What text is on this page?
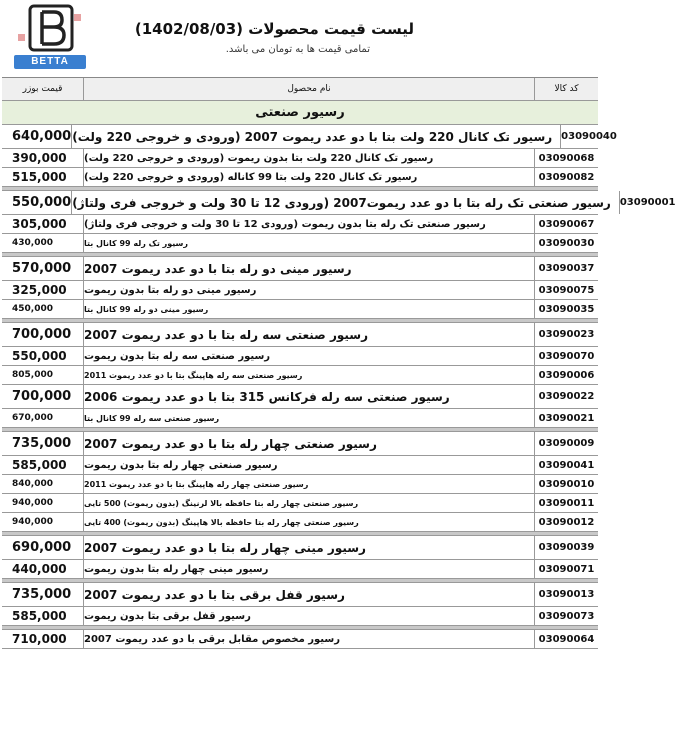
BETTA
لیست قیمت محصولات (1402/08/03)
تمامی قیمت ها به تومان می باشد.
قیمت بوزر	نام محصول	کد کالا
رسیور صنعتی
640,000 رسیور تک کانال 220 ولت بتا با دو عدد ریموت 2007 (ورودی و خروجی 220 ولت) 03090040
390,000	رسیور تک کانال 220 ولت بتا بدون ریموت (ورودی و خروجی 220 ولت)	03090068
515,000	رسیور تک کانال 220 ولت بتا 99 کاناله (ورودی و خروجی 220 ولت)	03090082
550,000 رسیور صنعتی تک رله بتا با دو عدد ریموت2007 (ورودی 12 تا 30 ولت و خروجی فری ولتاژ) 03090001
305,000	رسیور صنعتی تک رله بتا بدون ریموت (ورودی 12 تا 30 ولت و خروجی فری ولتاژ)	03090067
430,000	رسیور تک رله 99 کانال بتا	03090030
570,000	رسیور مینی دو رله بتا با دو عدد ریموت 2007	03090037
325,000	رسیور مینی دو رله بتا بدون ریموت	03090075
450,000	رسیور مینی دو رله 99 کانال بتا	03090035
700,000	رسیور صنعتی سه رله بتا با دو عدد ریموت 2007	03090023
550,000	رسیور صنعتی سه رله بتا بدون ریموت	03090070
805,000	رسیور صنعتی سه رله هاپینگ بتا با دو عدد ریموت 2011	03090006
700,000	رسیور صنعتی سه رله فرکانس 315 بتا با دو عدد ریموت 2006	03090022
670,000	رسیور صنعتی سه رله 99 کانال بتا	03090021
735,000	رسیور صنعتی چهار رله بتا با دو عدد ریموت 2007	03090009
585,000	رسیور صنعتی چهار رله بتا بدون ریموت	03090041
840,000	رسیور صنعتی چهار رله هاپینگ بتا با دو عدد ریموت 2011	03090010
940,000	رسیور صنعتی چهار رله بتا حافظه بالا لرنینگ (بدون ریموت) 500 تایی	03090011
940,000	رسیور صنعتی چهار رله بتا حافظه بالا هاپینگ (بدون ریموت) 400 تایی	03090012
690,000	رسیور مینی چهار رله بتا با دو عدد ریموت 2007	03090039
440,000	رسیور مینی چهار رله بتا بدون ریموت	03090071
735,000	رسیور قفل برقی بتا با دو عدد ریموت 2007	03090013
585,000	رسیور قفل برقی بتا بدون ریموت	03090073
710,000	رسیور مخصوص مقابل برقی با دو عدد ریموت 2007	03090064
